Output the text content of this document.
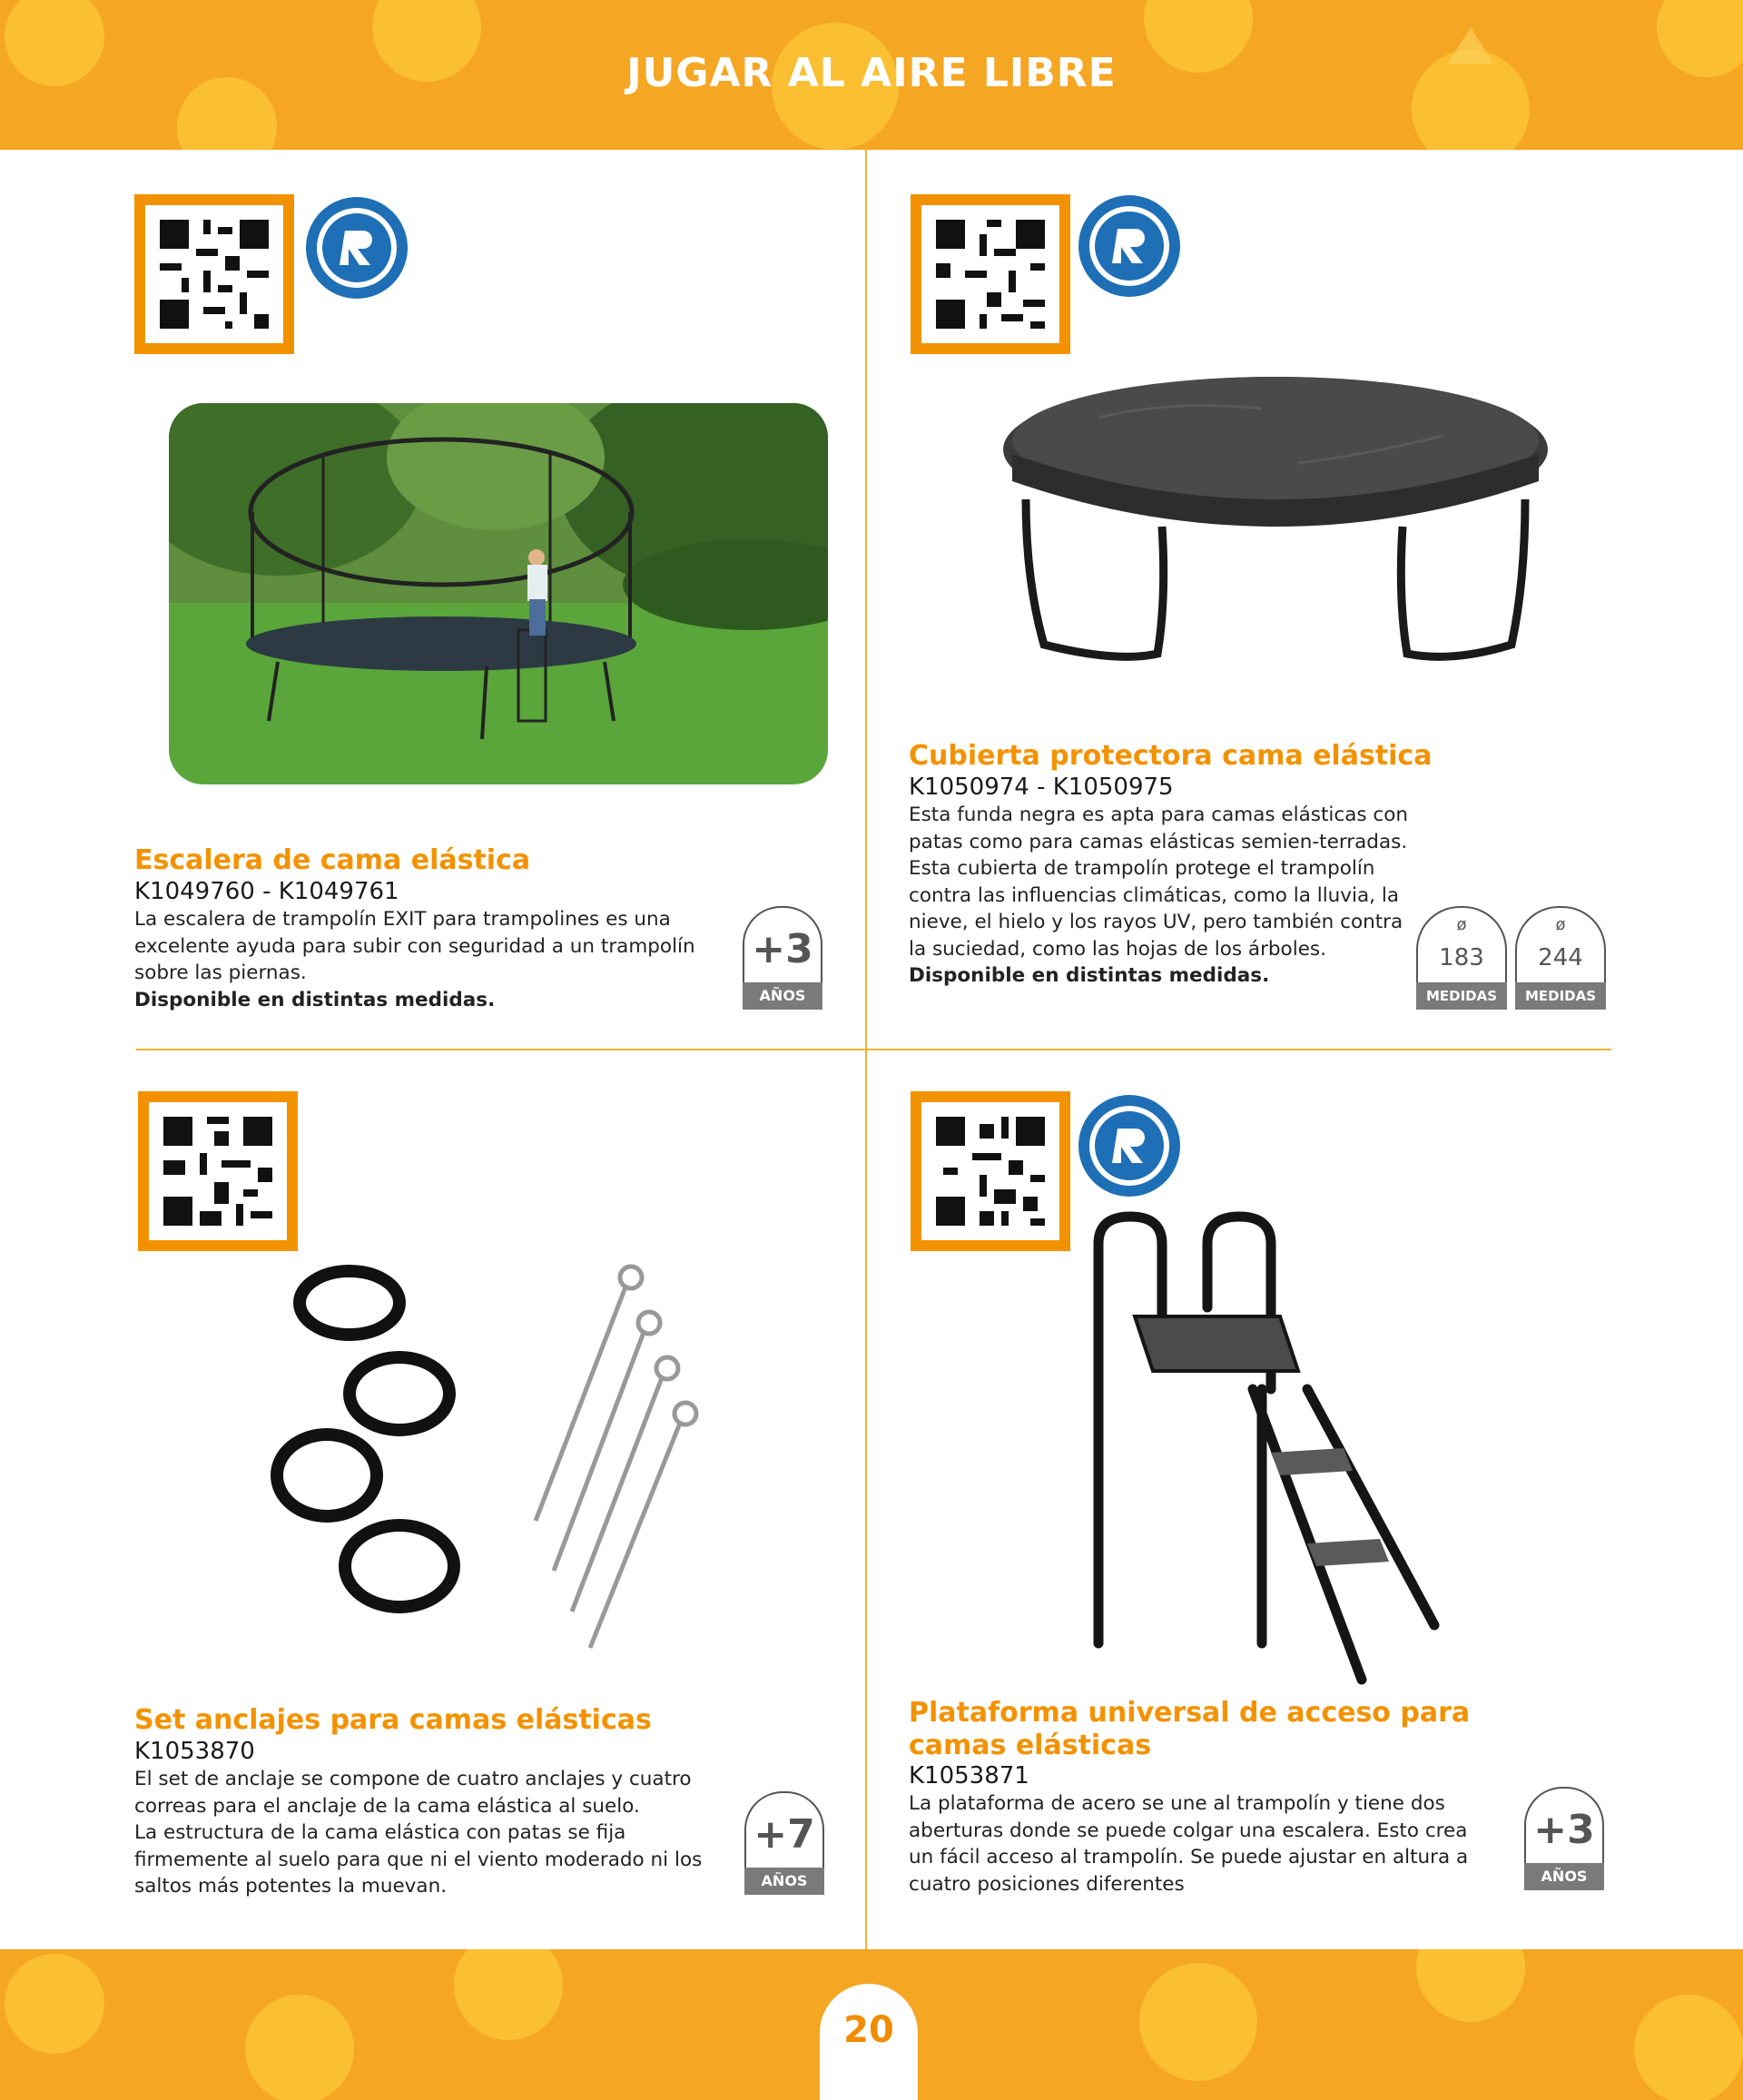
JUGAR AL AIRE LIBRE
Escalera de cama elástica
K1049760 - K1049761

La escalera de trampolín EXIT para trampolines es una excelente ayuda para subir con seguridad a un trampolín sobre las piernas.

Disponible en distintas medidas.

+3
AÑOS
Cubierta protectora cama elástica
K1050974 - K1050975

Esta funda negra es apta para camas elásticas con patas como para camas elásticas semien-terradas. Esta cubierta de trampolín protege el trampolín contra las influencias climáticas, como la lluvia, la nieve, el hielo y los rayos UV, pero también contra la suciedad, como las hojas de los árboles.

Disponible en distintas medidas.

ø
183
MEDIDAS
ø
244
MEDIDAS
Set anclajes para camas elásticas
K1053870

El set de anclaje se compone de cuatro anclajes y cuatro correas para el anclaje de la cama elástica al suelo.

La estructura de la cama elástica con patas se fija firmemente al suelo para que ni el viento moderado ni los saltos más potentes la muevan.

+7
AÑOS
Plataforma universal de acceso para camas elásticas
K1053871

La plataforma de acero se une al trampolín y tiene dos aberturas donde se puede colgar una escalera. Esto crea un fácil acceso al trampolín. Se puede ajustar en altura a cuatro posiciones diferentes

+3
AÑOS
20
